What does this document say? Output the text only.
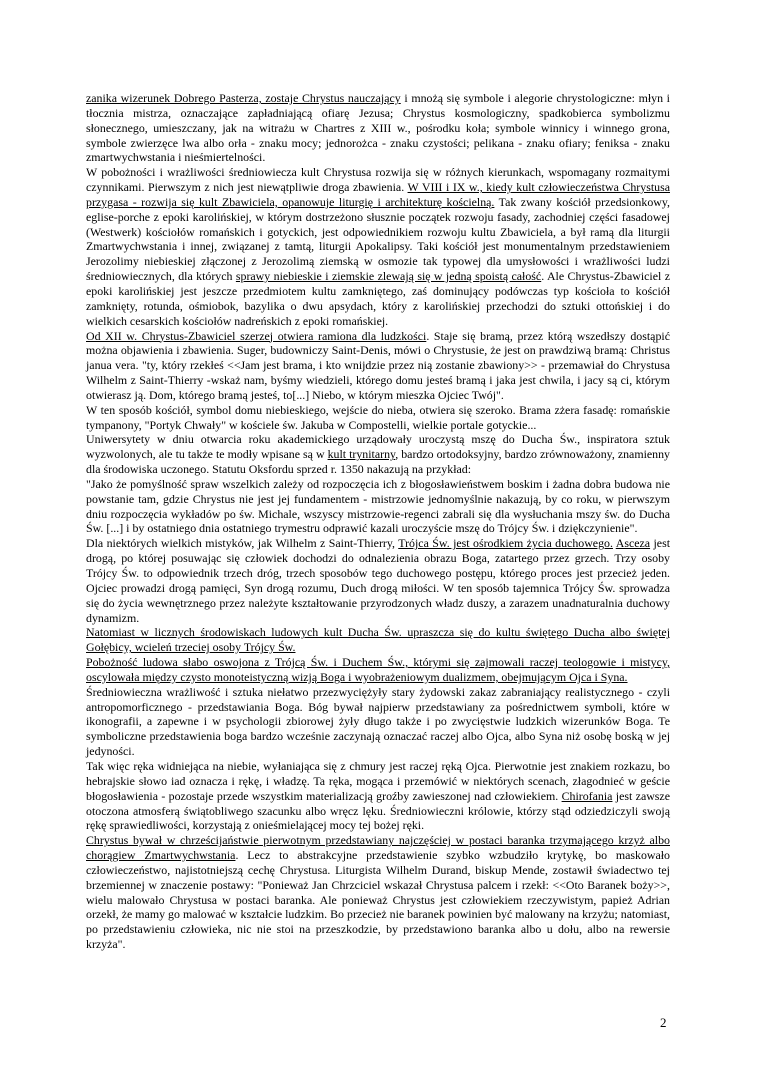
zanika wizerunek Dobrego Pasterza, zostaje Chrystus nauczający i mnożą się symbole i alegorie chrystologiczne: młyn i tłocznia mistrza, oznaczające zapładniającą ofiarę Jezusa; Chrystus kosmologiczny, spadkobierca symbolizmu słonecznego, umieszczany, jak na witrażu w Chartres z XIII w., pośrodku koła; symbole winnicy i winnego grona, symbole zwierzęce lwa albo orła - znaku mocy; jednorożca - znaku czystości; pelikana - znaku ofiary; feniksa - znaku zmartwychwstania i nieśmiertelności.

W pobożności i wrażliwości średniowiecza kult Chrystusa rozwija się w różnych kierunkach, wspomagany rozmaitymi czynnikami. Pierwszym z nich jest niewątpliwie droga zbawienia. W VIII i IX w., kiedy kult człowieczeństwa Chrystusa przygasa - rozwija się kult Zbawiciela, opanowuje liturgię i architekturę kościelną. Tak zwany kościół przedsionkowy, eglise-porche z epoki karolińskiej, w którym dostrzeżono słusznie początek rozwoju fasady, zachodniej części fasadowej (Westwerk) kościołów romańskich i gotyckich, jest odpowiednikiem rozwoju kultu Zbawiciela, a był ramą dla liturgii Zmartwychwstania i innej, związanej z tamtą, liturgii Apokalipsy. Taki kościół jest monumentalnym przedstawieniem Jerozolimy niebieskiej złączonej z Jerozolimą ziemską w osmozie tak typowej dla umysłowości i wrażliwości ludzi średniowiecznych, dla których sprawy niebieskie i ziemskie zlewają się w jedną spoistą całość. Ale Chrystus-Zbawiciel z epoki karolińskiej jest jeszcze przedmiotem kultu zamkniętego, zaś dominujący podówczas typ kościoła to kościół zamknięty, rotunda, ośmiobok, bazylika o dwu apsydach, który z karolińskiej przechodzi do sztuki ottońskiej i do wielkich cesarskich kościołów nadreńskich z epoki romańskiej.

Od XII w. Chrystus-Zbawiciel szerzej otwiera ramiona dla ludzkości. Staje się bramą, przez którą wszedłszy dostąpić można objawienia i zbawienia. Suger, budowniczy Saint-Denis, mówi o Chrystusie, że jest on prawdziwą bramą: Christus janua vera. "ty, który rzekłeś <<Jam jest brama, i kto wnijdzie przez nią zostanie zbawiony>> - przemawiał do Chrystusa Wilhelm z Saint-Thierry -wskaż nam, byśmy wiedzieli, którego domu jesteś bramą i jaka jest chwila, i jacy są ci, którym otwierasz ją. Dom, którego bramą jesteś, to[...] Niebo, w którym mieszka Ojciec Twój".

W ten sposób kościół, symbol domu niebieskiego, wejście do nieba, otwiera się szeroko. Brama zżera fasadę: romańskie tympanony, "Portyk Chwały" w kościele św. Jakuba w Compostelli, wielkie portale gotyckie...

Uniwersytety w dniu otwarcia roku akademickiego urządowały uroczystą mszę do Ducha Św., inspiratora sztuk wyzwolonych, ale tu także te modły wpisane są w kult trynitarny, bardzo ortodoksyjny, bardzo zrównoważony, znamienny dla środowiska uczonego. Statutu Oksfordu sprzed r. 1350 nakazują na przykład:

"Jako że pomyślność spraw wszelkich zależy od rozpoczęcia ich z błogosławieństwem boskim i żadna dobra budowa nie powstanie tam, gdzie Chrystus nie jest jej fundamentem - mistrzowie jednomyślnie nakazują, by co roku, w pierwszym dniu rozpoczęcia wykładów po św. Michale, wszyscy mistrzowie-regenci zabrali się dla wysłuchania mszy św. do Ducha Św. [...] i by ostatniego dnia ostatniego trymestru odprawić kazali uroczyście mszę do Trójcy Św. i dziękczynienie".

Dla niektórych wielkich mistyków, jak Wilhelm z Saint-Thierry, Trójca Św. jest ośrodkiem życia duchowego. Asceza jest drogą, po której posuwając się człowiek dochodzi do odnalezienia obrazu Boga, zatartego przez grzech. Trzy osoby Trójcy Św. to odpowiednik trzech dróg, trzech sposobów tego duchowego postępu, którego proces jest przecież jeden. Ojciec prowadzi drogą pamięci, Syn drogą rozumu, Duch drogą miłości. W ten sposób tajemnica Trójcy Św. sprowadza się do życia wewnętrznego przez należyte kształtowanie przyrodzonych władz duszy, a zarazem unadnaturalnia duchowy dynamizm.

Natomiast w licznych środowiskach ludowych kult Ducha Św. upraszcza się do kultu świętego Ducha albo świętej Gołębicy, wcieleń trzeciej osoby Trójcy Św.

Pobożność ludowa słabo oswojona z Trójcą Św. i Duchem Św., którymi się zajmowali raczej teologowie i mistycy, oscylowała między czysto monoteistyczną wizją Boga i wyobrażeniowym dualizmem, obejmującym Ojca i Syna.

Średniowieczna wrażliwość i sztuka niełatwo przezwyciężyły stary żydowski zakaz zabraniający realistycznego - czyli antropomorficznego - przedstawiania Boga. Bóg bywał najpierw przedstawiany za pośrednictwem symboli, które w ikonografii, a zapewne i w psychologii zbiorowej żyły długo także i po zwycięstwie ludzkich wizerunków Boga. Te symboliczne przedstawienia boga bardzo wcześnie zaczynają oznaczać raczej albo Ojca, albo Syna niż osobę boską w jej jedyności.

Tak więc ręka widniejąca na niebie, wyłaniająca się z chmury jest raczej ręką Ojca. Pierwotnie jest znakiem rozkazu, bo hebrajskie słowo iad oznacza i rękę, i władzę. Ta ręka, mogąca i przemówić w niektórych scenach, złagodnieć w geście błogosławienia - pozostaje przede wszystkim materializacją groźby zawieszonej nad człowiekiem. Chirofania jest zawsze otoczona atmosferą świątobliwego szacunku albo wręcz lęku. Średniowieczni królowie, którzy stąd odziedziczyli swoją rękę sprawiedliwości, korzystają z onieśmielającej mocy tej bożej ręki.

Chrystus bywał w chrześcijaństwie pierwotnym przedstawiany najczęściej w postaci baranka trzymającego krzyż albo chorągiew Zmartwychwstania. Lecz to abstrakcyjne przedstawienie szybko wzbudziło krytykę, bo maskowało człowieczeństwo, najistotniejszą cechę Chrystusa. Liturgista Wilhelm Durand, biskup Mende, zostawił świadectwo tej brzemiennej w znaczenie postawy: "Ponieważ Jan Chrzciciel wskazał Chrystusa palcem i rzekł: <<Oto Baranek boży>>, wielu malowało Chrystusa w postaci baranka. Ale ponieważ Chrystus jest człowiekiem rzeczywistym, papież Adrian orzekł, że mamy go malować w kształcie ludzkim. Bo przecież nie baranek powinien być malowany na krzyżu; natomiast, po przedstawieniu człowieka, nic nie stoi na przeszkodzie, by przedstawiono baranka albo u dołu, albo na rewersie krzyża".

2
